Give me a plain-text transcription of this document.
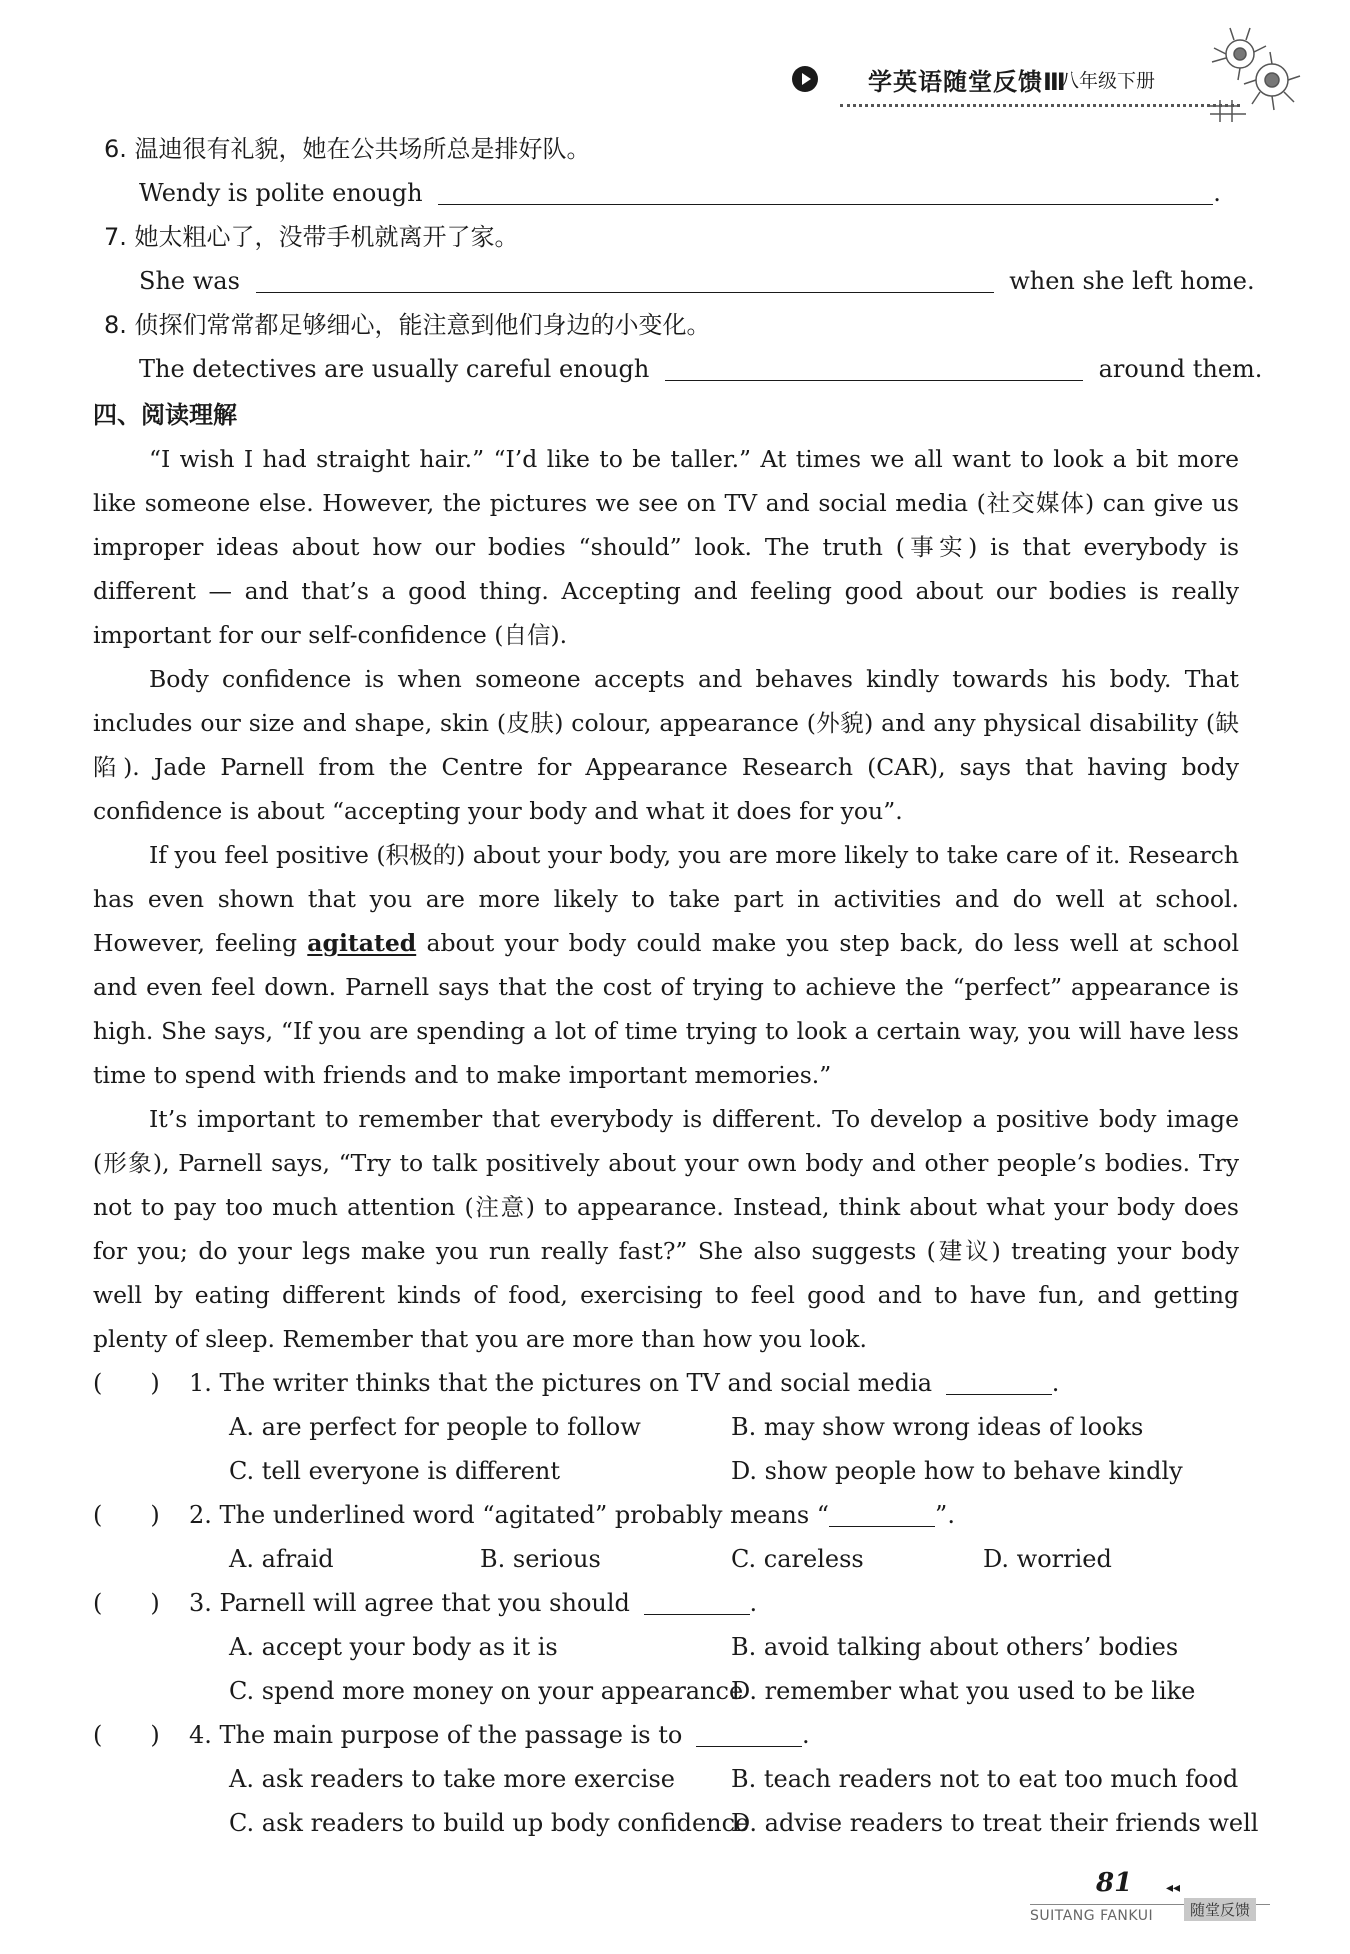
学英语随堂反馈Ⅲ
八年级下册
6. 温迪很有礼貌，她在公共场所总是排好队。
Wendy is polite enough	.
7. 她太粗心了，没带手机就离开了家。
She was	when she left home.
8. 侦探们常常都足够细心，能注意到他们身边的小变化。
The detectives are usually careful enough	around them.
四、阅读理解
“I wish I had straight hair.” “I’d like to be taller.” At times we all want to look a bit more like someone else. However, the pictures we see on TV and social media (社交媒体) can give us improper ideas about how our bodies “should” look. The truth (事实) is that everybody is different — and that’s a good thing. Accepting and feeling good about our bodies is really important for our self-confidence (自信).
Body confidence is when someone accepts and behaves kindly towards his body. That includes our size and shape, skin (皮肤) colour, appearance (外貌) and any physical disability (缺陷). Jade Parnell from the Centre for Appearance Research (CAR), says that having body confidence is about “accepting your body and what it does for you”.
If you feel positive (积极的) about your body, you are more likely to take care of it. Research has even shown that you are more likely to take part in activities and do well at school. However, feeling agitated about your body could make you step back, do less well at school and even feel down. Parnell says that the cost of trying to achieve the “perfect” appearance is high. She says, “If you are spending a lot of time trying to look a certain way, you will have less time to spend with friends and to make important memories.”
It’s important to remember that everybody is different. To develop a positive body image (形象), Parnell says, “Try to talk positively about your own body and other people’s bodies. Try not to pay too much attention (注意) to appearance. Instead, think about what your body does for you; do your legs make you run really fast?” She also suggests (建议) treating your body well by eating different kinds of food, exercising to feel good and to have fun, and getting plenty of sleep. Remember that you are more than how you look.
(　　) 1. The writer thinks that the pictures on TV and social media	.
A. are perfect for people to follow	B. may show wrong ideas of looks
C. tell everyone is different	D. show people how to behave kindly
(　　) 2. The underlined word “agitated” probably means “	”.
A. afraid	B. serious	C. careless	D. worried
(　　) 3. Parnell will agree that you should	.
A. accept your body as it is	B. avoid talking about others’ bodies
C. spend more money on your appearance
D. remember what you used to be like
(　　) 4. The main purpose of the passage is to	.
A. ask readers to take more exercise B. teach readers not to eat too much food
C. ask readers to build up body confidence
D. advise readers to treat their friends well
81 ◂◂
SUITANG FANKUI	随堂反馈
